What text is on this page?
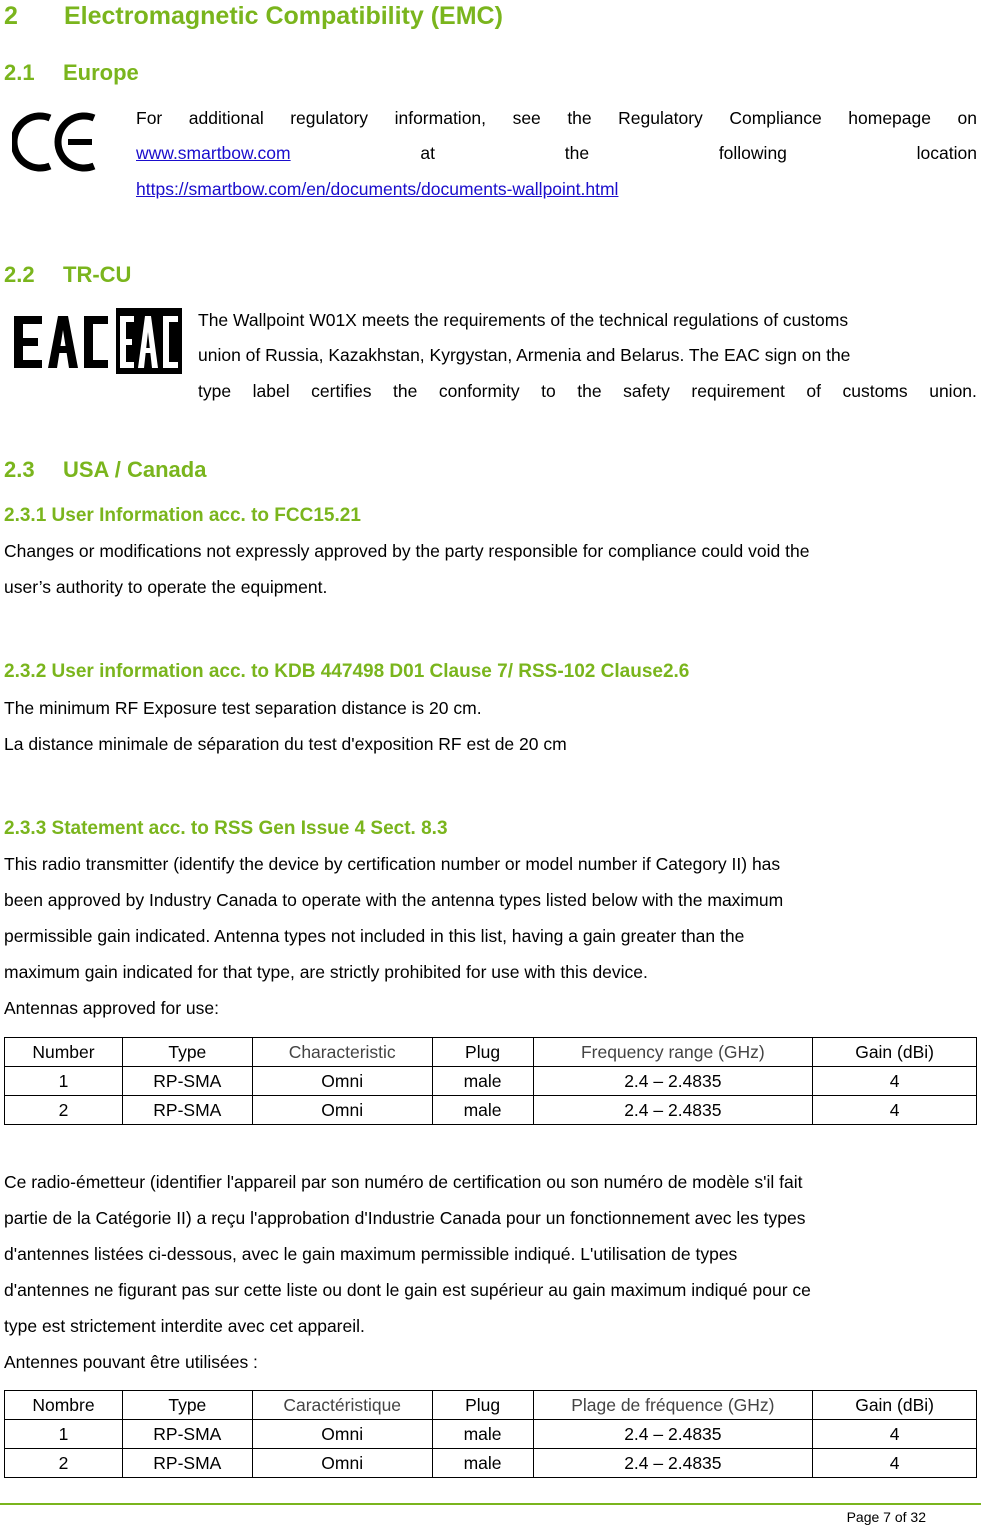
2 Electromagnetic Compatibility (EMC)
2.1 Europe
For additional regulatory information, see the Regulatory Compliance homepage on
www.smartbow.com	at	the	following	location
https://smartbow.com/en/documents/documents-wallpoint.html
2.2 TR-CU
The Wallpoint W01X meets the requirements of the technical regulations of customs
union of Russia, Kazakhstan, Kyrgystan, Armenia and Belarus. The EAC sign on the
type label certifies the conformity to the safety requirement of customs union.
2.3 USA / Canada
2.3.1 User Information acc. to FCC15.21
Changes or modifications not expressly approved by the party responsible for compliance could void the
user’s authority to operate the equipment.
2.3.2 User information acc. to KDB 447498 D01 Clause 7/ RSS-102 Clause2.6
The minimum RF Exposure test separation distance is 20 cm.
La distance minimale de séparation du test d'exposition RF est de 20 cm
2.3.3 Statement acc. to RSS Gen Issue 4 Sect. 8.3
This radio transmitter (identify the device by certification number or model number if Category II) has
been approved by Industry Canada to operate with the antenna types listed below with the maximum
permissible gain indicated. Antenna types not included in this list, having a gain greater than the
maximum gain indicated for that type, are strictly prohibited for use with this device.
Antennas approved for use:
Number	Type	Characteristic	Plug	Frequency range (GHz)	Gain (dBi)
1	RP-SMA	Omni	male	2.4 – 2.4835	4
2	RP-SMA	Omni	male	2.4 – 2.4835	4
Ce radio-émetteur (identifier l'appareil par son numéro de certification ou son numéro de modèle s'il fait
partie de la Catégorie II) a reçu l'approbation d'Industrie Canada pour un fonctionnement avec les types
d'antennes listées ci-dessous, avec le gain maximum permissible indiqué. L'utilisation de types
d'antennes ne figurant pas sur cette liste ou dont le gain est supérieur au gain maximum indiqué pour ce
type est strictement interdite avec cet appareil.
Antennes pouvant être utilisées :
Nombre	Type	Caractéristique	Plug	Plage de fréquence (GHz)	Gain (dBi)
1	RP-SMA	Omni	male	2.4 – 2.4835	4
2	RP-SMA	Omni	male	2.4 – 2.4835	4
Page 7 of 32
